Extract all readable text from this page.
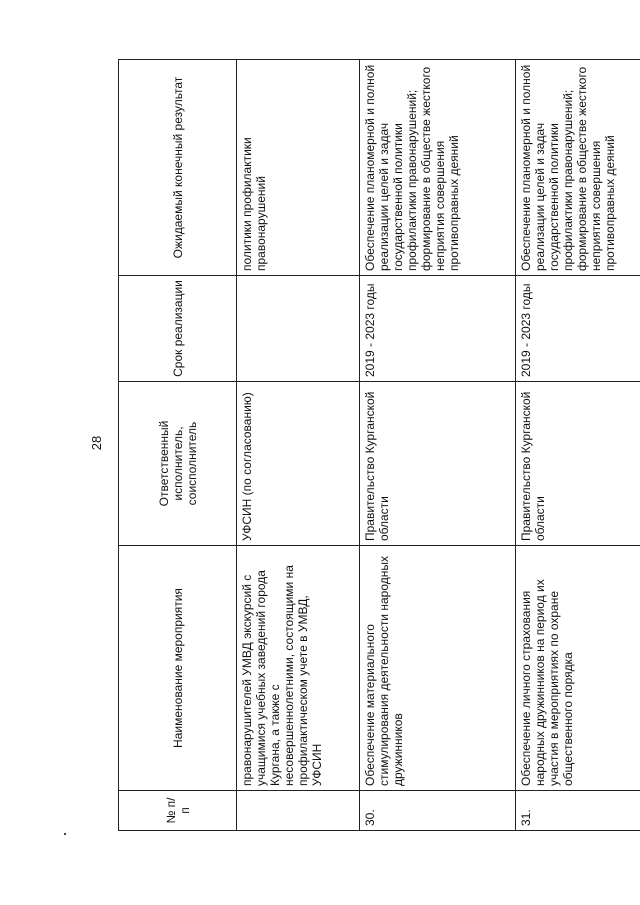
28
№ п/п	Наименование мероприятия	Ответственный исполнитель, соисполнитель	Срок реализации	Ожидаемый конечный результат
	правонарушителей УМВД экскурсий с учащимися учебных заведений города Кургана, а также с несовершеннолетними, состоящими на профилактическом учете в УМВД, УФСИН	УФСИН (по согласованию)		политики профилактики правонарушений
30.	Обеспечение материального стимулирования деятельности народных дружинников	Правительство Курганской области	2019 - 2023 годы	Обеспечение планомерной и полной реализации целей и задач государственной политики профилактики правонарушений; формирование в обществе жесткого неприятия совершения противоправных деяний
31.	Обеспечение личного страхования народных дружинников на период их участия в мероприятиях по охране общественного порядка	Правительство Курганской области	2019 - 2023 годы	Обеспечение планомерной и полной реализации целей и задач государственной политики профилактики правонарушений; формирование в обществе жесткого неприятия совершения противоправных деяний
